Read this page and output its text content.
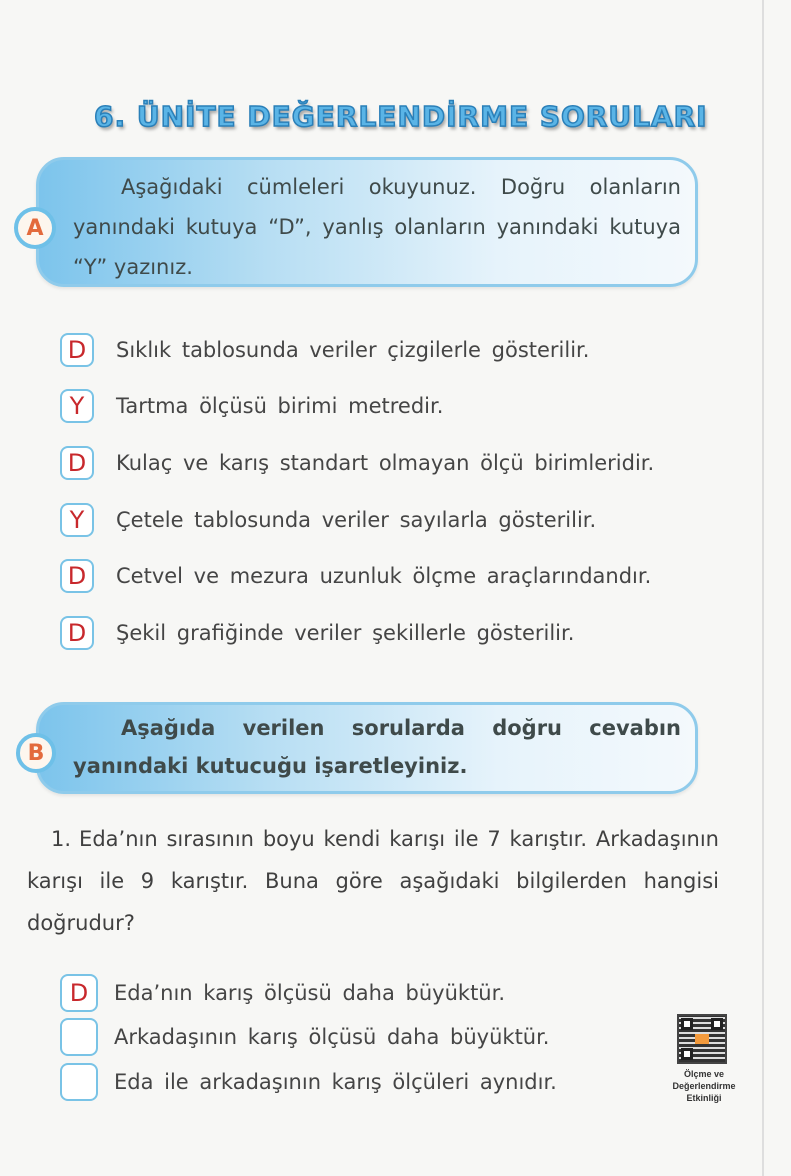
6. ÜNİTE DEĞERLENDİRME SORULARI
Aşağıdaki cümleleri okuyunuz. Doğru olanların yanındaki kutuya “D”, yanlış olanların yanındaki kutuya “Y” yazınız.
A
D	Sıklık tablosunda veriler çizgilerle gösterilir.
Y	Tartma ölçüsü birimi metredir.
D	Kulaç ve karış standart olmayan ölçü birimleridir.
Y	Çetele tablosunda veriler sayılarla gösterilir.
D	Cetvel ve mezura uzunluk ölçme araçlarındandır.
D	Şekil grafiğinde veriler şekillerle gösterilir.
Aşağıda verilen sorularda doğru cevabın yanındaki kutucuğu işaretleyiniz.
B
1. Eda’nın sırasının boyu kendi karışı ile 7 karıştır. Arkadaşının karışı ile 9 karıştır. Buna göre aşağıdaki bilgilerden hangisi doğrudur?
D	Eda’nın karış ölçüsü daha büyüktür.
Arkadaşının karış ölçüsü daha büyüktür.
Eda ile arkadaşının karış ölçüleri aynıdır.	Ölçme ve
Değerlendirme
Etkinliği
